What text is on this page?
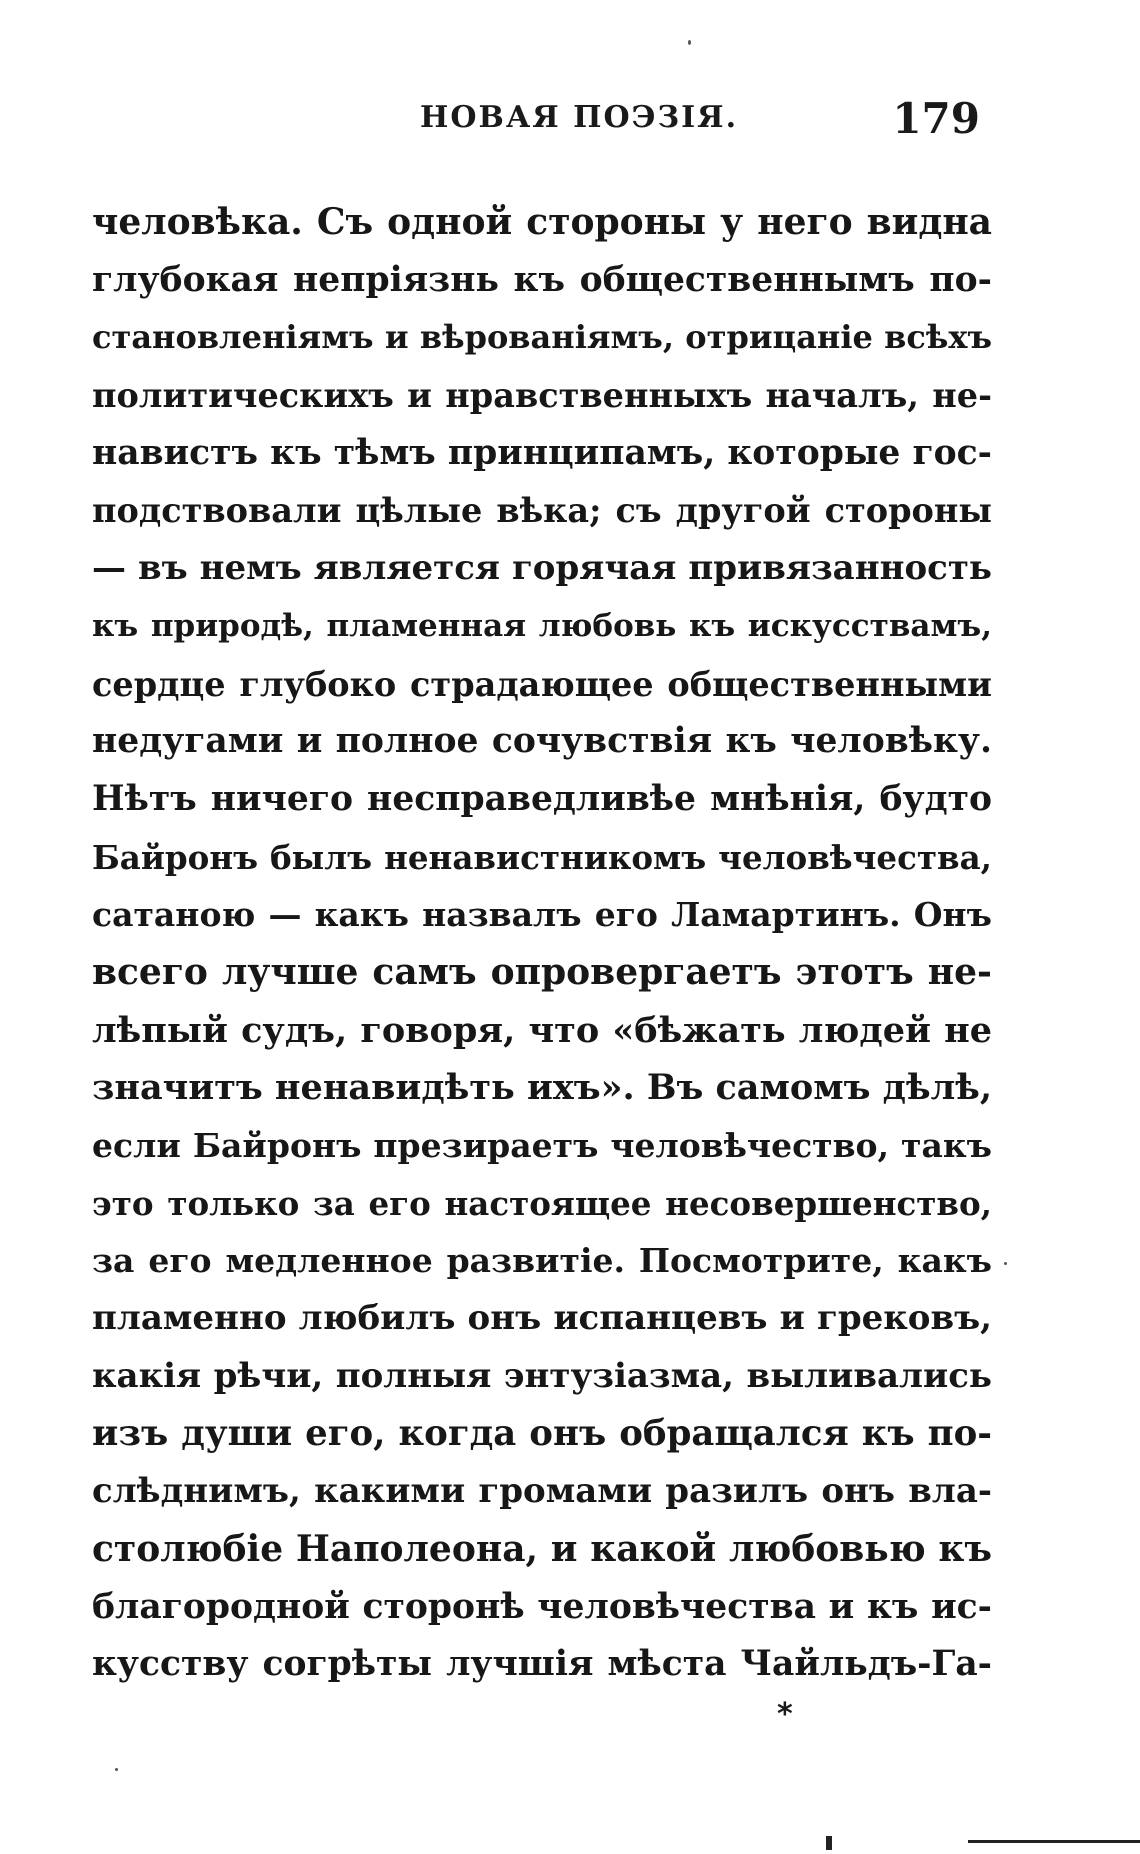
НОВАЯ ПОЭЗІЯ.	179
человѣка. Съ одной стороны у него видна
глубокая непріязнь къ общественнымъ по-
становленіямъ и вѣрованіямъ, отрицаніе всѣхъ
политическихъ и нравственныхъ началъ, не-
навистъ къ тѣмъ принципамъ, которые гос-
подствовали цѣлые вѣка; съ другой стороны
— въ немъ является горячая привязанность
къ природѣ, пламенная любовь къ искусствамъ,
сердце глубоко страдающее общественными
недугами и полное сочувствія къ человѣку.
Нѣтъ ничего несправедливѣе мнѣнія, будто
Байронъ былъ ненавистникомъ человѣчества,
сатаною — какъ назвалъ его Ламартинъ. Онъ
всего лучше самъ опровергаетъ этотъ не-
лѣпый судъ, говоря, что «бѣжать людей не
значитъ ненавидѣть ихъ». Въ самомъ дѣлѣ,
если Байронъ презираетъ человѣчество, такъ
это только за его настоящее несовершенство,
за его медленное развитіе. Посмотрите, какъ
пламенно любилъ онъ испанцевъ и грековъ,
какія рѣчи, полныя энтузіазма, выливались
изъ души его, когда онъ обращался къ по-
слѣднимъ, какими громами разилъ онъ вла-
столюбіе Наполеона, и какой любовью къ
благородной сторонѣ человѣчества и къ ис-
кусству согрѣты лучшія мѣста Чайльдъ-Га-
*
